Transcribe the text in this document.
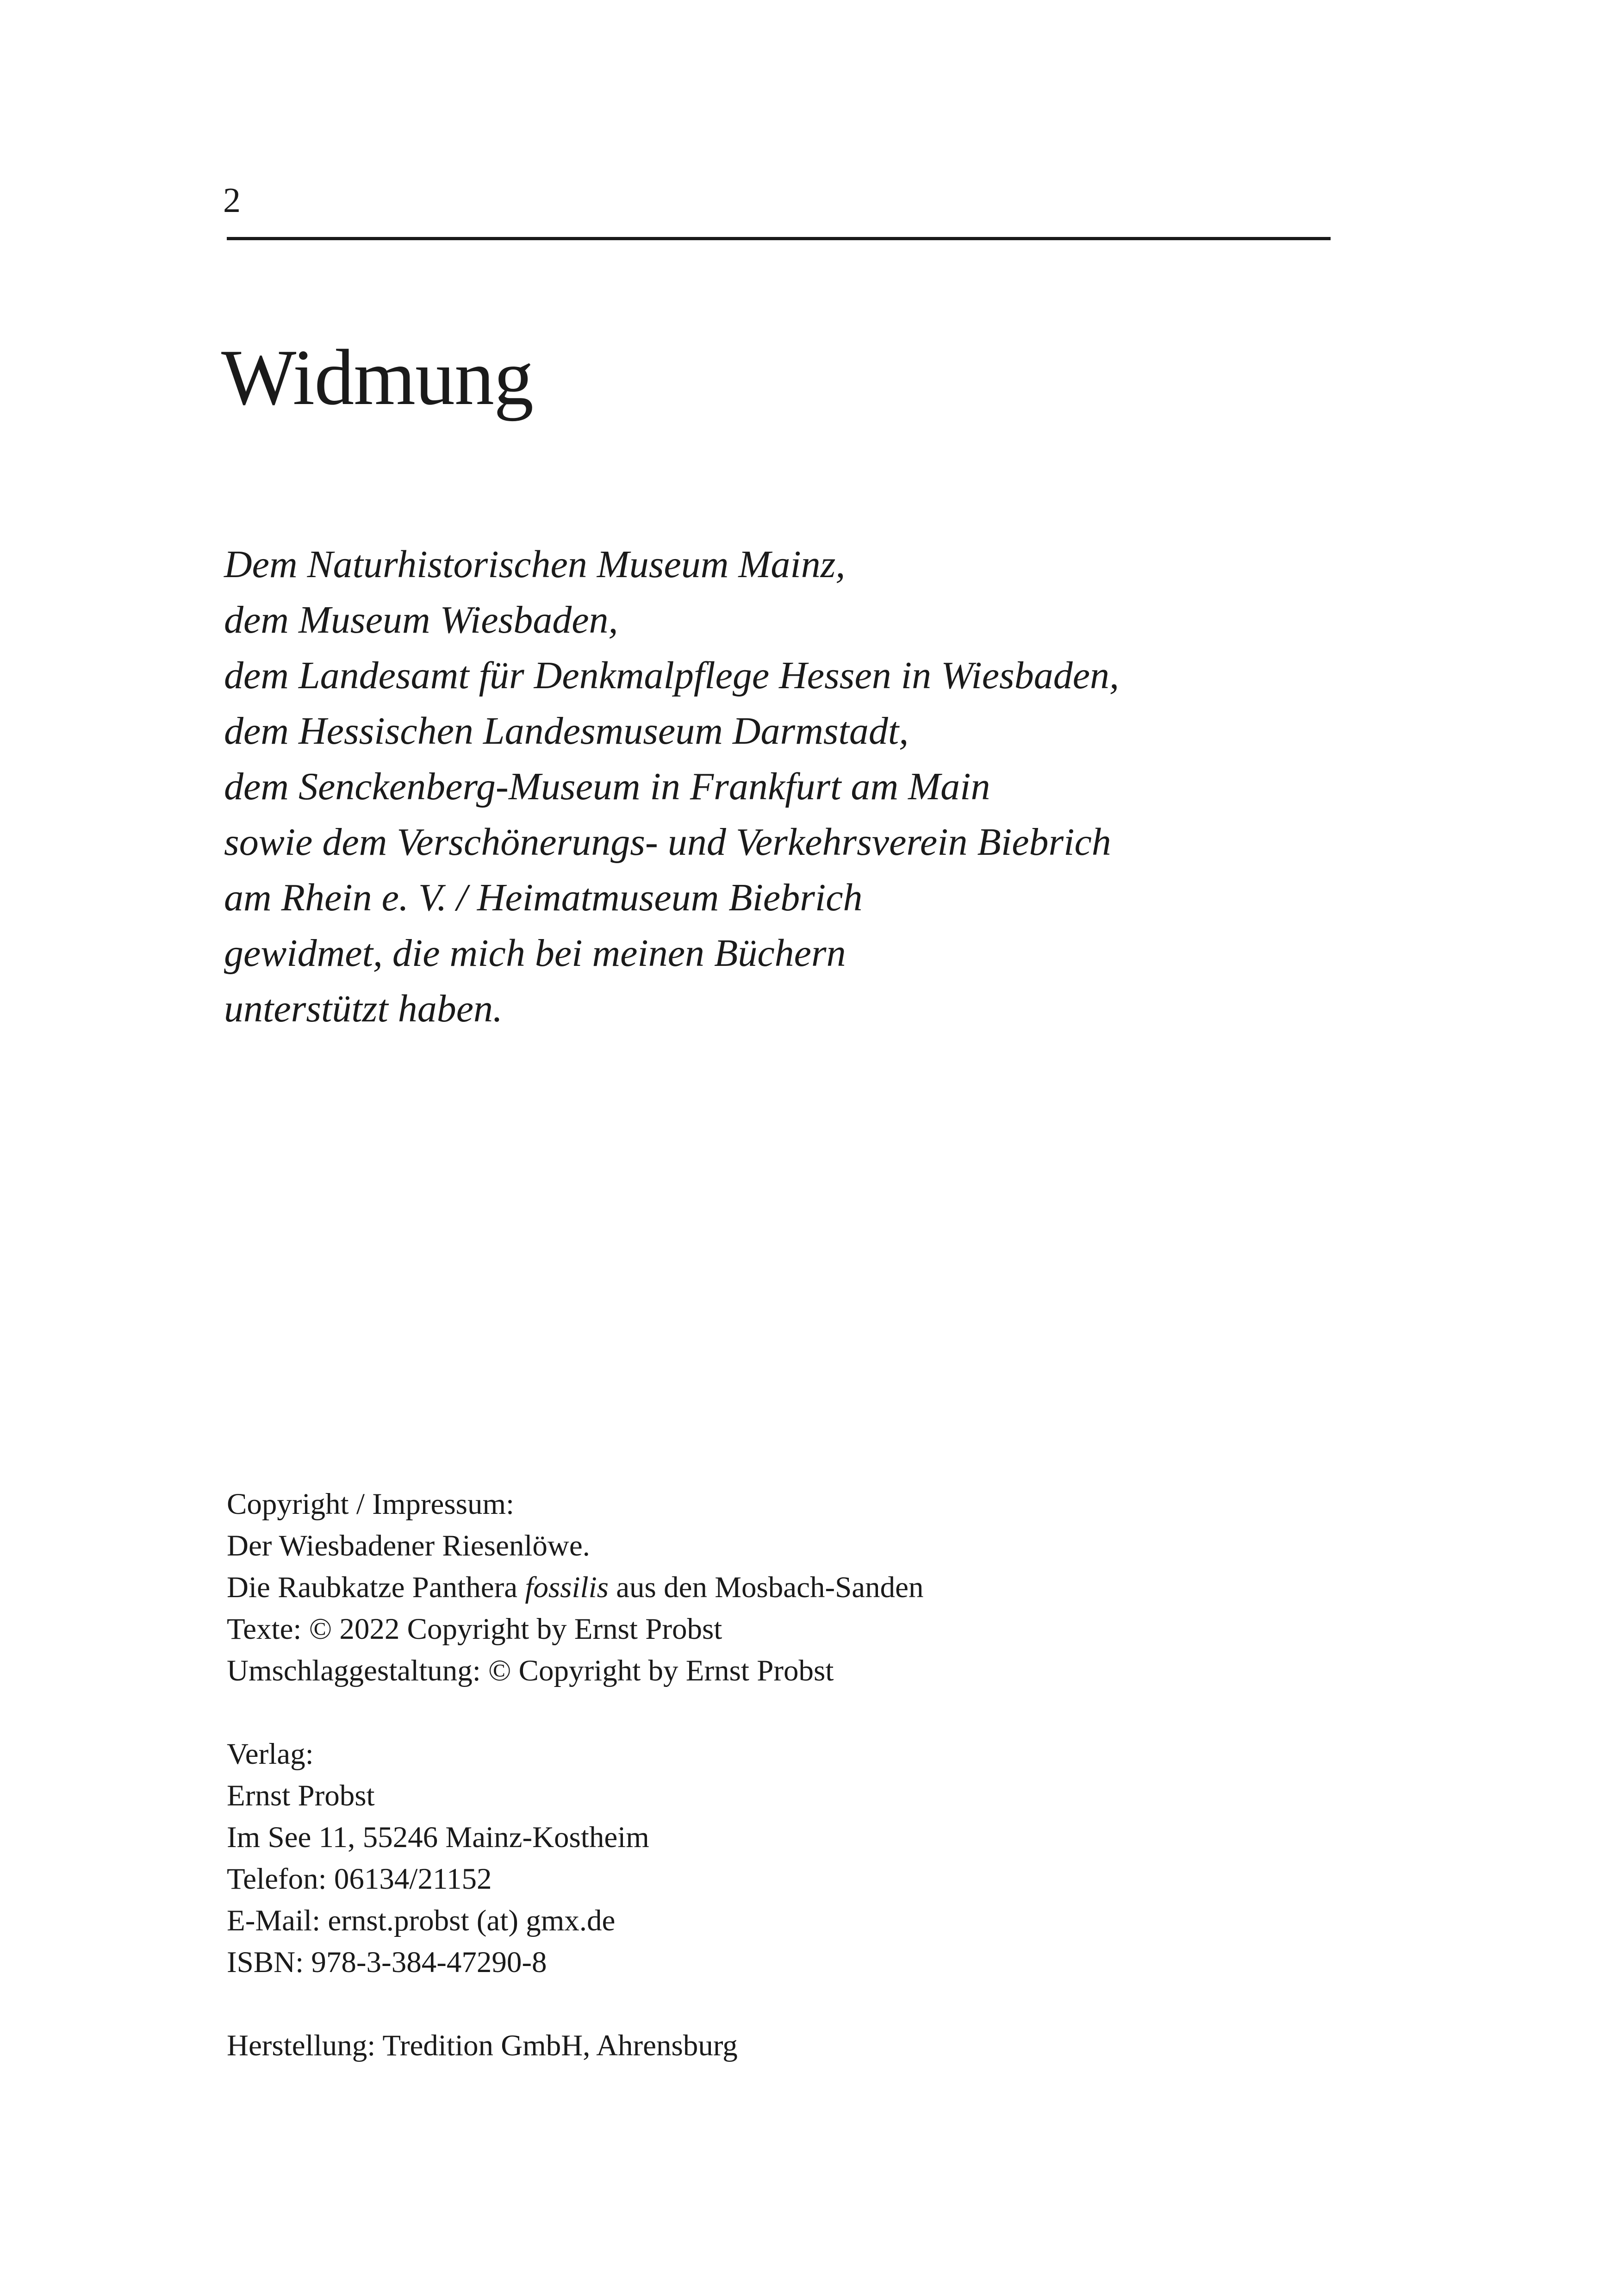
2
Widmung
Dem Naturhistorischen Museum Mainz,
dem Museum Wiesbaden,
dem Landesamt für Denkmalpflege Hessen in Wiesbaden,
dem Hessischen Landesmuseum Darmstadt,
dem Senckenberg-Museum in Frankfurt am Main
sowie dem Verschönerungs- und Verkehrsverein Biebrich
am Rhein e. V. / Heimatmuseum Biebrich
gewidmet, die mich bei meinen Büchern
unterstützt haben.
Copyright / Impressum:
Der Wiesbadener Riesenlöwe.
Die Raubkatze Panthera fossilis aus den Mosbach-Sanden
Texte: © 2022 Copyright by Ernst Probst
Umschlaggestaltung: © Copyright by Ernst Probst
Verlag:
Ernst Probst
Im See 11, 55246 Mainz-Kostheim
Telefon: 06134/21152
E-Mail: ernst.probst (at) gmx.de
ISBN: 978-3-384-47290-8
Herstellung: Tredition GmbH, Ahrensburg
